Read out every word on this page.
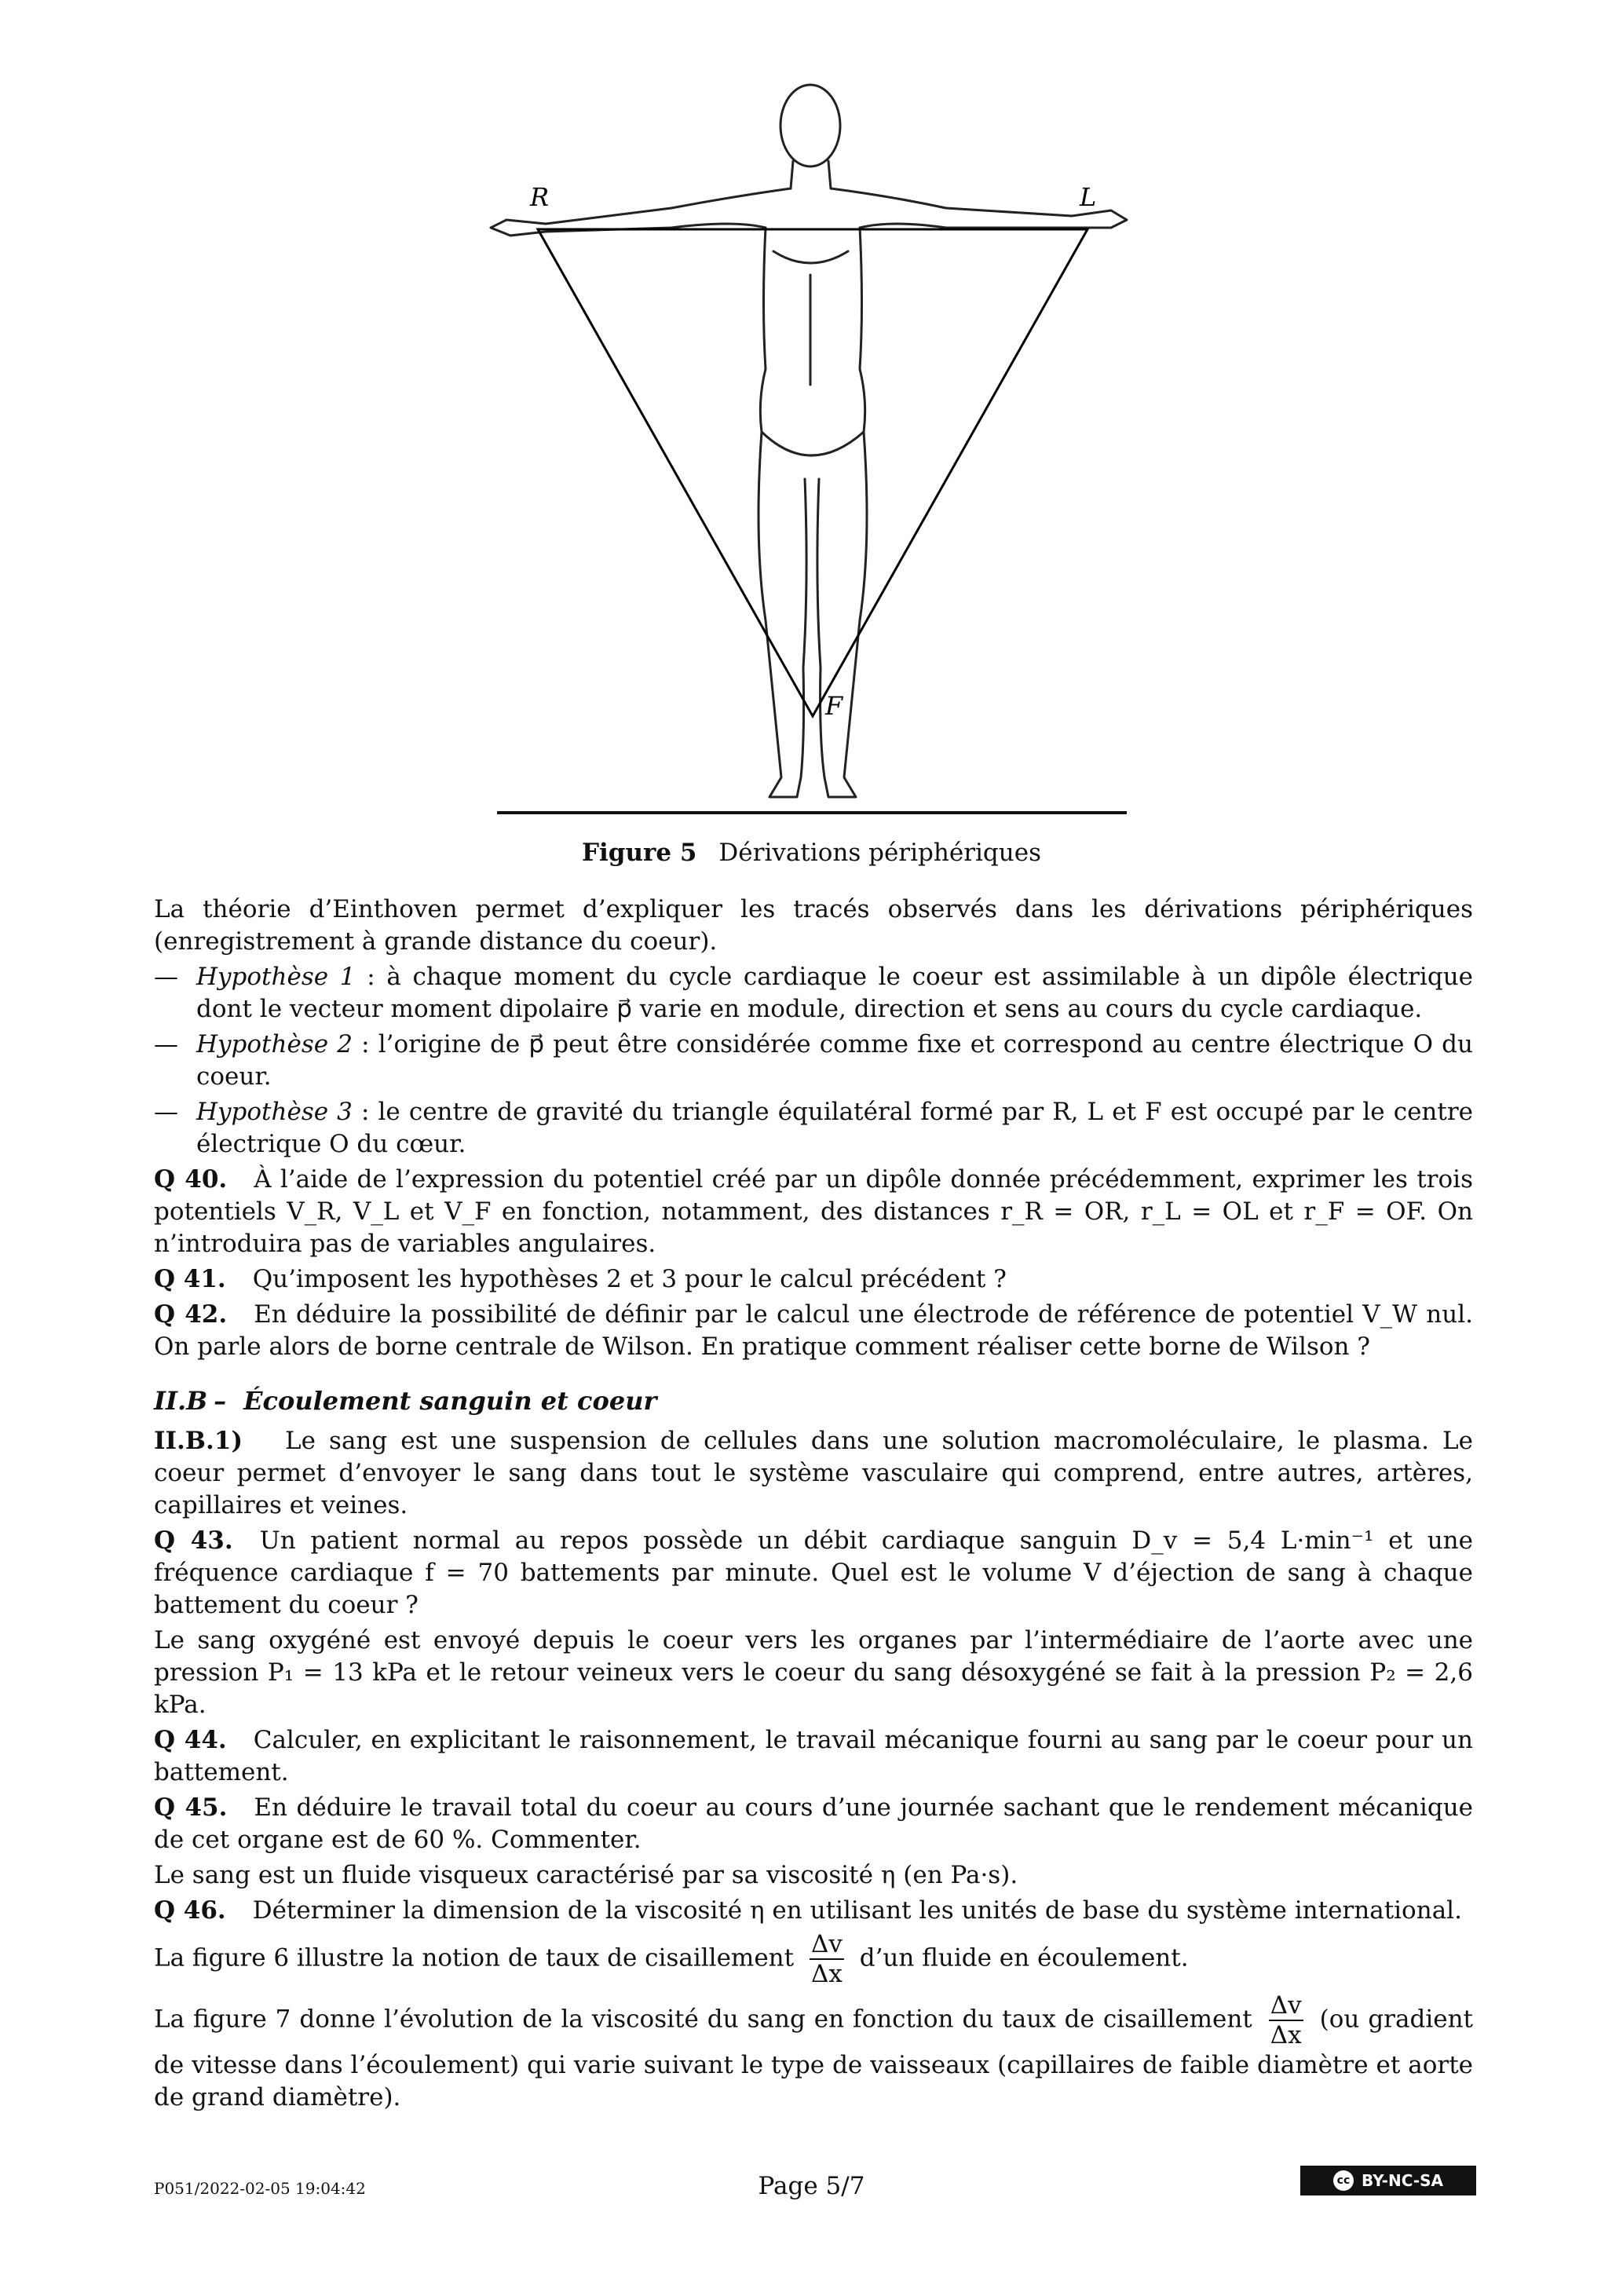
R	L
F
Figure 5 Dérivations périphériques

La théorie d’Einthoven permet d’expliquer les tracés observés dans les dérivations périphériques (enregistrement à grande distance du coeur).

— Hypothèse 1 : à chaque moment du cycle cardiaque le coeur est assimilable à un dipôle électrique dont le vecteur moment dipolaire p⃗ varie en module, direction et sens au cours du cycle cardiaque.
— Hypothèse 2 : l’origine de p⃗ peut être considérée comme fixe et correspond au centre électrique O du coeur.
— Hypothèse 3 : le centre de gravité du triangle équilatéral formé par R, L et F est occupé par le centre électrique O du cœur.

Q 40. À l’aide de l’expression du potentiel créé par un dipôle donnée précédemment, exprimer les trois potentiels V_R, V_L et V_F en fonction, notamment, des distances r_R = OR, r_L = OL et r_F = OF. On n’introduira pas de variables angulaires.

Q 41. Qu’imposent les hypothèses 2 et 3 pour le calcul précédent ?

Q 42. En déduire la possibilité de définir par le calcul une électrode de référence de potentiel V_W nul. On parle alors de borne centrale de Wilson. En pratique comment réaliser cette borne de Wilson ?

II.B – Écoulement sanguin et coeur

II.B.1) Le sang est une suspension de cellules dans une solution macromoléculaire, le plasma. Le coeur permet d’envoyer le sang dans tout le système vasculaire qui comprend, entre autres, artères, capillaires et veines.

Q 43. Un patient normal au repos possède un débit cardiaque sanguin D_v = 5,4 L·min⁻¹ et une fréquence cardiaque f = 70 battements par minute. Quel est le volume V d’éjection de sang à chaque battement du coeur ?

Le sang oxygéné est envoyé depuis le coeur vers les organes par l’intermédiaire de l’aorte avec une pression P₁ = 13 kPa et le retour veineux vers le coeur du sang désoxygéné se fait à la pression P₂ = 2,6 kPa.

Q 44. Calculer, en explicitant le raisonnement, le travail mécanique fourni au sang par le coeur pour un battement.

Q 45. En déduire le travail total du coeur au cours d’une journée sachant que le rendement mécanique de cet organe est de 60 %. Commenter.

Le sang est un fluide visqueux caractérisé par sa viscosité η (en Pa·s).

Q 46. Déterminer la dimension de la viscosité η en utilisant les unités de base du système international.

La figure 6 illustre la notion de taux de cisaillement $\frac{\Delta v}{\Delta x}$ d’un fluide en écoulement.

La figure 7 donne l’évolution de la viscosité du sang en fonction du taux de cisaillement $\frac{\Delta v}{\Delta x} (ou$ gradient de vitesse dans l’écoulement) qui varie suivant le type de vaisseaux (capillaires de faible diamètre et aorte de grand diamètre).

P051/2022-02-05 19:04:42	Page 5/7	cc BY-NC-SA
